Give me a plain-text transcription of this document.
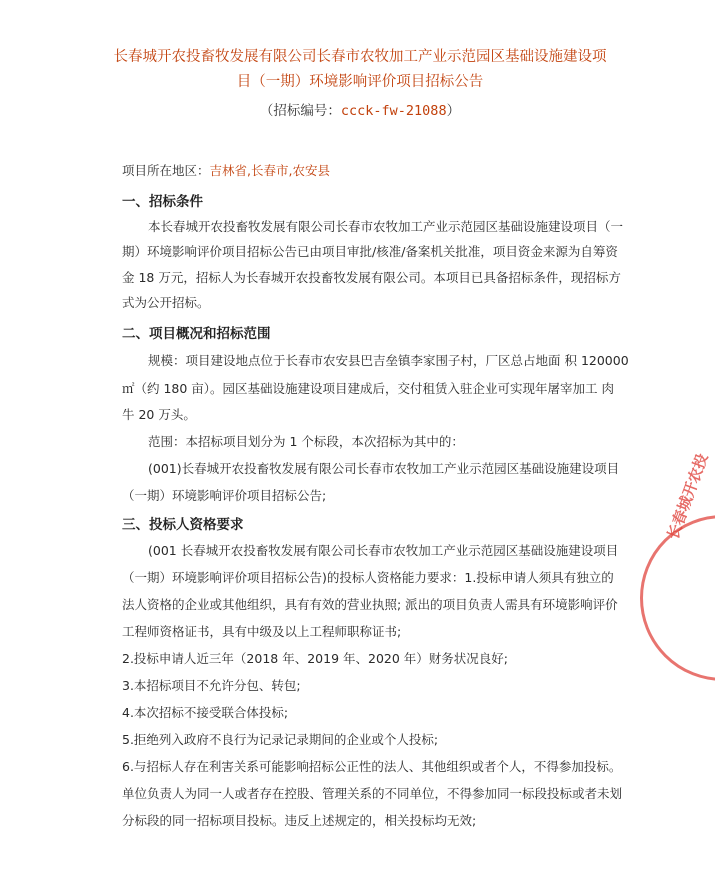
长春城开农投畜牧发展有限公司长春市农牧加工产业示范园区基础设施建设项
目（一期）环境影响评价项目招标公告
（招标编号：ccck-fw-21088）
项目所在地区：吉林省,长春市,农安县
一、招标条件
本长春城开农投畜牧发展有限公司长春市农牧加工产业示范园区基础设施建设项目（一
期）环境影响评价项目招标公告已由项目审批/核准/备案机关批准，项目资金来源为自筹资
金 18 万元，招标人为长春城开农投畜牧发展有限公司。本项目已具备招标条件，现招标方
式为公开招标。
二、项目概况和招标范围
规模：项目建设地点位于长春市农安县巴吉垒镇李家围子村，厂区总占地面 积 120000
㎡（约 180 亩）。园区基础设施建设项目建成后，交付租赁入驻企业可实现年屠宰加工 肉
牛 20 万头。
范围：本招标项目划分为 1 个标段，本次招标为其中的：
(001)长春城开农投畜牧发展有限公司长春市农牧加工产业示范园区基础设施建设项目
（一期）环境影响评价项目招标公告;
三、投标人资格要求
(001 长春城开农投畜牧发展有限公司长春市农牧加工产业示范园区基础设施建设项目
（一期）环境影响评价项目招标公告)的投标人资格能力要求：1.投标申请人须具有独立的
法人资格的企业或其他组织，具有有效的营业执照; 派出的项目负责人需具有环境影响评价
工程师资格证书，具有中级及以上工程师职称证书;
2.投标申请人近三年（2018 年、2019 年、2020 年）财务状况良好;
3.本招标项目不允许分包、转包;
4.本次招标不接受联合体投标;
5.拒绝列入政府不良行为记录记录期间的企业或个人投标;
6.与招标人存在利害关系可能影响招标公正性的法人、其他组织或者个人，不得参加投标。
单位负责人为同一人或者存在控股、管理关系的不同单位，不得参加同一标段投标或者未划
分标段的同一招标项目投标。违反上述规定的，相关投标均无效;
长春城开农投
